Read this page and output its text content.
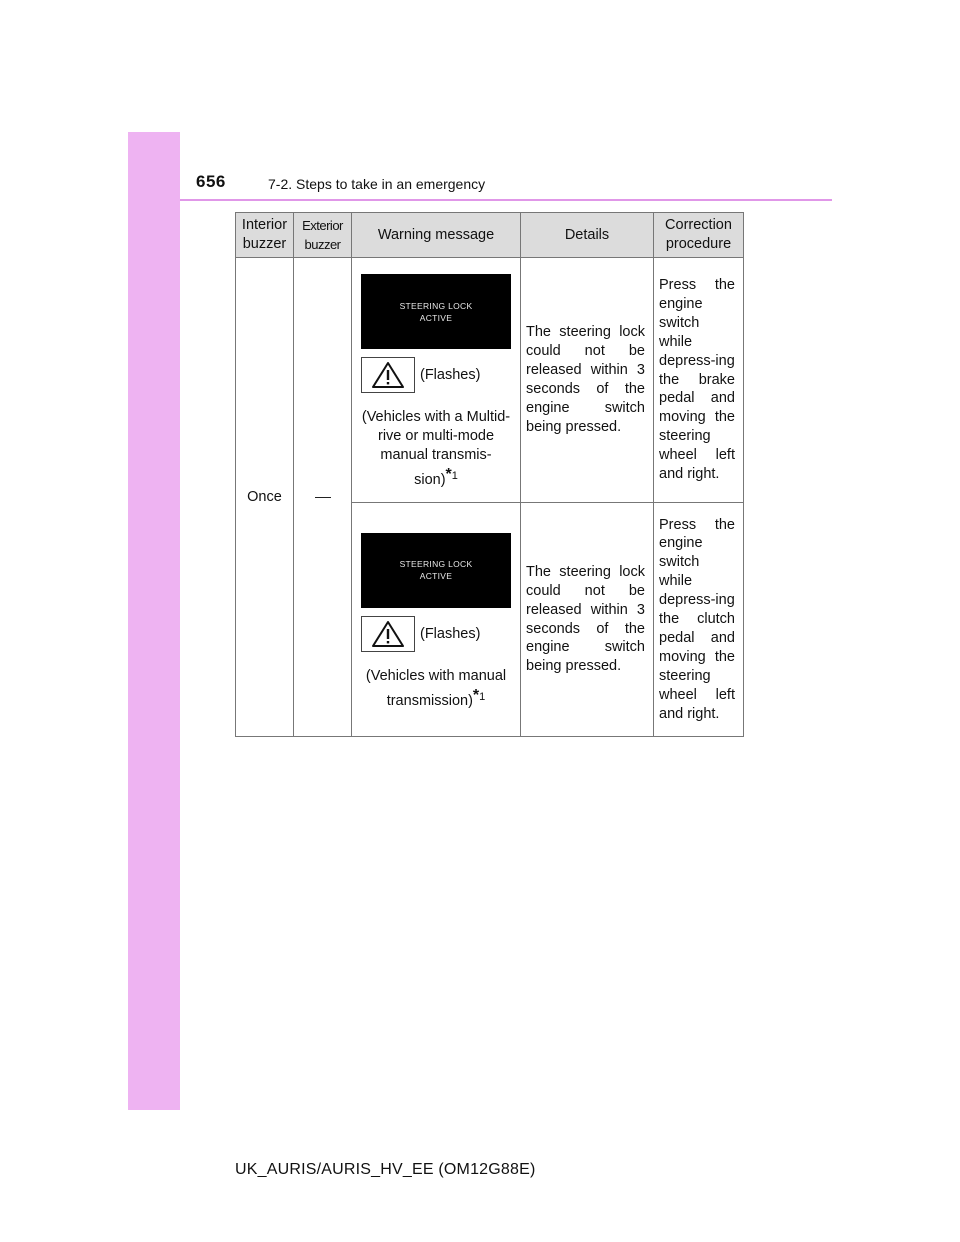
656	7-2. Steps to take in an emergency
Interior buzzer	Exterior buzzer	Warning message	Details	Correction procedure
Once		STEERING LOCK
ACTIVE
(Flashes)
(Vehicles with a Multid-rive or multi-mode manual transmis-sion)$^{*1}$	The steering lock could not be released within 3 seconds of the engine switch being pressed.	Press the engine switch while depress-ing the brake pedal and moving the steering wheel left and right.

		STEERING LOCK
ACTIVE
(Flashes)
(Vehicles with manual transmission)$^{*1}$	The steering lock could not be released within 3 seconds of the engine switch being pressed.	Press the engine switch while depress-ing the clutch pedal and moving the steering wheel left and right.
UK_AURIS/AURIS_HV_EE (OM12G88E)
